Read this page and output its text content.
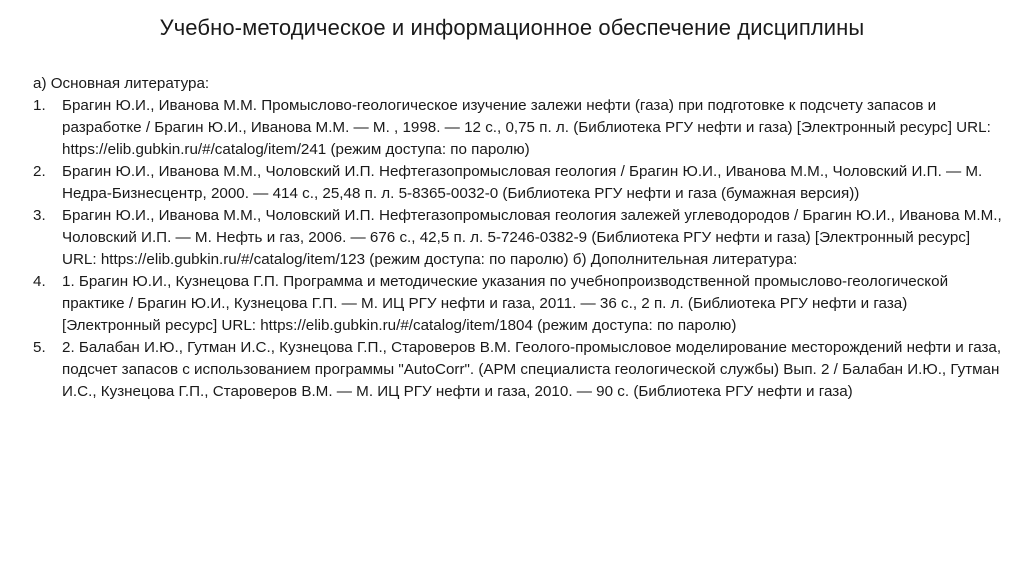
Учебно-методическое и информационное обеспечение дисциплины

а) Основная литература:

1. Брагин Ю.И., Иванова М.М. Промыслово-геологическое изучение залежи нефти (газа) при подготовке к подсчету запасов и разработке / Брагин Ю.И., Иванова М.М. — М. , 1998. — 12 с., 0,75 п. л. (Библиотека РГУ нефти и газа) [Электронный ресурс] URL: https://elib.gubkin.ru/#/catalog/item/241 (режим доступа: по паролю)
2. Брагин Ю.И., Иванова М.М., Чоловский И.П. Нефтегазопромысловая геология / Брагин Ю.И., Иванова М.М., Чоловский И.П. — М. Недра-Бизнесцентр, 2000. — 414 с., 25,48 п. л. 5-8365-0032-0 (Библиотека РГУ нефти и газа (бумажная версия))
3. Брагин Ю.И., Иванова М.М., Чоловский И.П. Нефтегазопромысловая геология залежей углеводородов / Брагин Ю.И., Иванова М.М., Чоловский И.П. — М. Нефть и газ, 2006. — 676 с., 42,5 п. л. 5-7246-0382-9 (Библиотека РГУ нефти и газа) [Электронный ресурс] URL: https://elib.gubkin.ru/#/catalog/item/123 (режим доступа: по паролю) б) Дополнительная литература:
4. 1. Брагин Ю.И., Кузнецова Г.П. Программа и методические указания по учебнопроизводственной промыслово-геологической практике / Брагин Ю.И., Кузнецова Г.П. — М. ИЦ РГУ нефти и газа, 2011. — 36 с., 2 п. л. (Библиотека РГУ нефти и газа) [Электронный ресурс] URL: https://elib.gubkin.ru/#/catalog/item/1804 (режим доступа: по паролю)
5. 2. Балабан И.Ю., Гутман И.С., Кузнецова Г.П., Староверов В.М. Геолого-промысловое моделирование месторождений нефти и газа, подсчет запасов с использованием программы "AutoCorr". (АРМ специалиста геологической службы) Вып. 2 / Балабан И.Ю., Гутман И.С., Кузнецова Г.П., Староверов В.М. — М. ИЦ РГУ нефти и газа, 2010. — 90 с. (Библиотека РГУ нефти и газа)
